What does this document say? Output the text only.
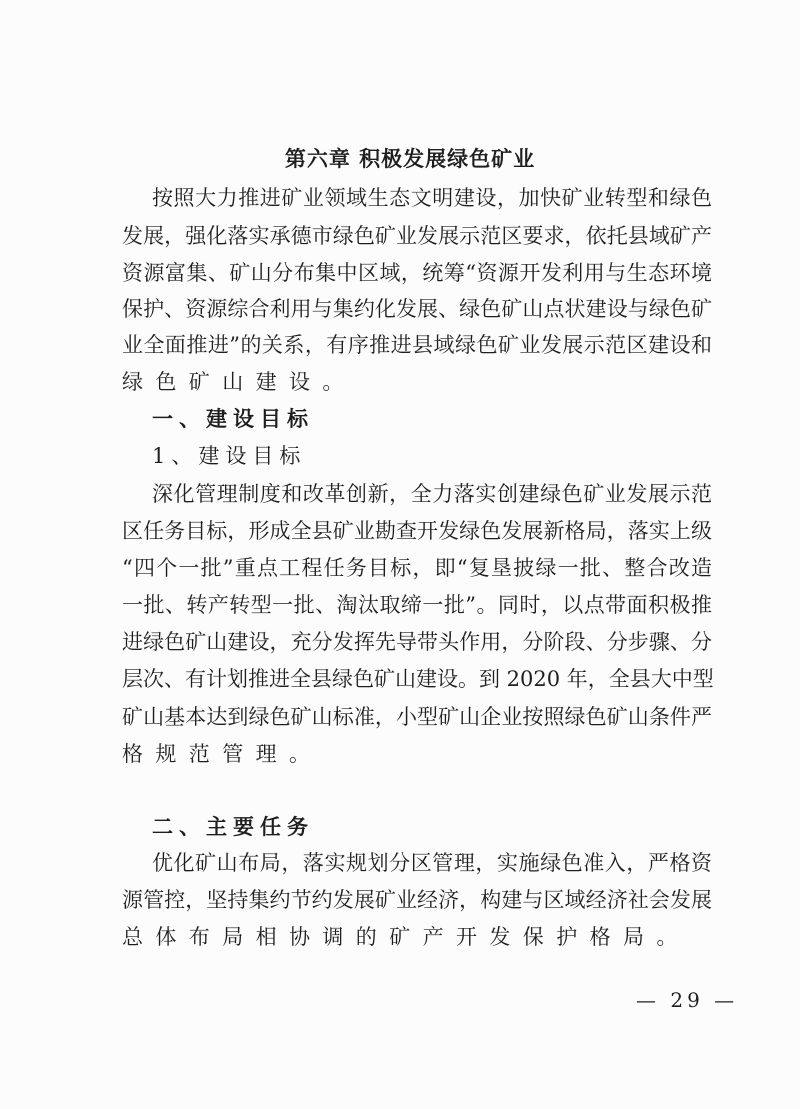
第六章 积极发展绿色矿业
按照大力推进矿业领域生态文明建设，加快矿业转型和绿色
发展，强化落实承德市绿色矿业发展示范区要求，依托县域矿产
资源富集、矿山分布集中区域，统筹“资源开发利用与生态环境
保护、资源综合利用与集约化发展、绿色矿山点状建设与绿色矿
业全面推进”的关系，有序推进县域绿色矿业发展示范区建设和
绿色矿山建设。
一、建设目标
1、建设目标
深化管理制度和改革创新，全力落实创建绿色矿业发展示范
区任务目标，形成全县矿业勘查开发绿色发展新格局，落实上级
“四个一批”重点工程任务目标，即“复垦披绿一批、整合改造
一批、转产转型一批、淘汰取缔一批”。同时，以点带面积极推
进绿色矿山建设，充分发挥先导带头作用，分阶段、分步骤、分
层次、有计划推进全县绿色矿山建设。到 2020 年，全县大中型
矿山基本达到绿色矿山标准，小型矿山企业按照绿色矿山条件严
格规范管理。
二、主要任务
优化矿山布局，落实规划分区管理，实施绿色准入，严格资
源管控，坚持集约节约发展矿业经济，构建与区域经济社会发展
总体布局相协调的矿产开发保护格局。
— 29 —
